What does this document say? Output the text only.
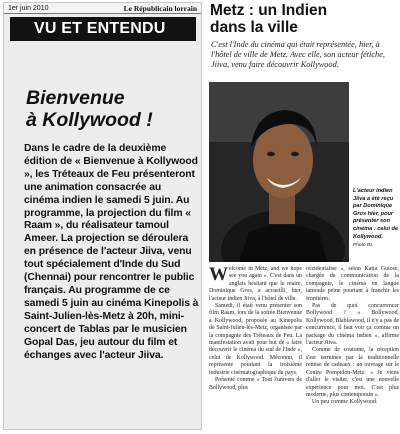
1er juin 2010	Le Républicain lorrain
VU ET ENTENDU
Bienvenue
à Kollywood !
Dans le cadre de la deuxième édition de « Bienvenue à Kollywood », les Tréteaux de Feu présenteront une animation consacrée au cinéma indien le samedi 5 juin. Au programme, la projection du film « Raam », du réalisateur tamoul Ameer. La projection se déroulera en présence de l'acteur Jiiva, venu tout spécialement d'Inde du Sud (Chennai) pour rencontrer le public français. Au programme de ce samedi 5 juin au cinéma Kinepolis à Saint-Julien-lès-Metz à 20h, mini-concert de Tablas par le musicien Gopal Das, jeu autour du film et échanges avec l'acteur Jiiva.
Metz : un Indien
dans la ville
C'est l'Inde du cinéma qui était représentée, hier, à l'hôtel de ville de Metz. Avec elle, son acteur fétiche, Jiiva, venu faire découvrir Kollywood.
L'acteur indien Jiiva a été reçu par Dominique Gros hier, pour présenter son cinéma : celui de Kollywood.
Photo RL

Welcome in Metz, and we hope see you again ». C'est dans un anglais hésitant que le maire, Dominique Gros, a accueilli, hier, l'acteur indien Jiiva, à l'hôtel de ville.

Samedi, il était venu présenter son film Raam, lors de la soirée Bienvenue à Kollywood, proposée au Kinepolis de Saint-Julien-lès-Metz, organisée par la compagnie des Tréteaux de Feu. La manifestation avait pour but de « faire découvrir le cinéma du sud de l'Inde », celui de Kollywood. Méconnu, il représente pourtant la troisième industrie cinématographique du pays.

Présenté comme « Tout l'univers de Bollywood, plus

occidentalisé », selon Katia Guiose, chargée de communication de la compagnie, le cinéma en langue tamoule peine pourtant à franchir les frontières.

Pas de quoi concurrencer Bollywood ? « Bollywood, Kollywood, Blablawood, il n'y a pas de concurrence, il faut voir ça comme un package du cinéma indien », affirme l'acteur Jiiva.

Comme de coutume, la réception s'est terminée par la traditionnelle remise de cadeaux : un ouvrage sur le Centre Pompidou-Metz. « Je viens d'aller le visiter, c'est une nouvelle expérience pour moi. C'est plus moderne, plus contemporain ».

Un peu comme Kollywood.
